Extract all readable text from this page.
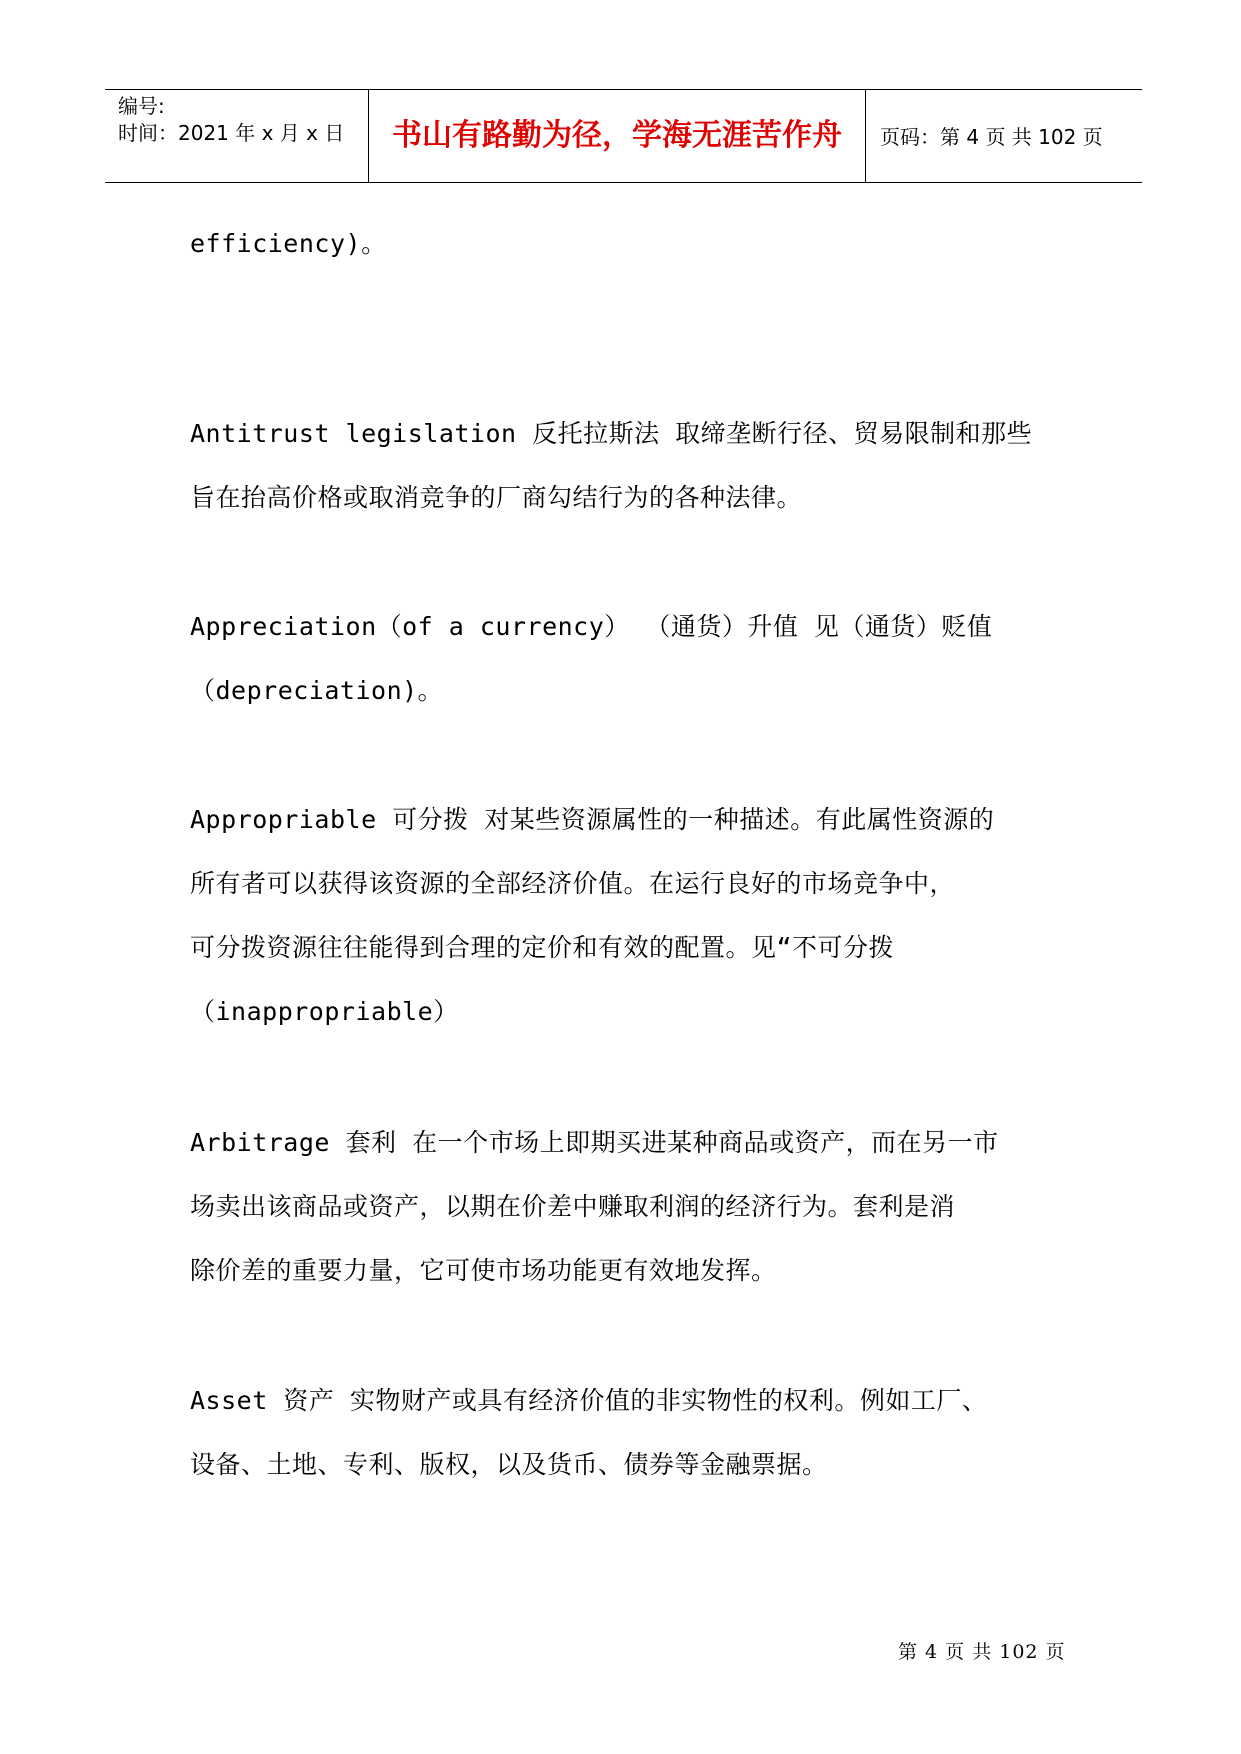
编号:
时间：2021 年 x 月 x 日	书山有路勤为径，学海无涯苦作舟	页码：第 4 页 共 102 页
efficiency)。
Antitrust legislation 反托拉斯法 取缔垄断行径、贸易限制和那些
旨在抬高价格或取消竞争的厂商勾结行为的各种法律。
Appreciation（of a currency） （通货）升值 见（通货）贬值
（depreciation)。
Appropriable 可分拨 对某些资源属性的一种描述。有此属性资源的
所有者可以获得该资源的全部经济价值。在运行良好的市场竞争中，
可分拨资源往往能得到合理的定价和有效的配置。见“不可分拨
（inappropriable）
Arbitrage 套利 在一个市场上即期买进某种商品或资产，而在另一市
场卖出该商品或资产，以期在价差中赚取利润的经济行为。套利是消
除价差的重要力量，它可使市场功能更有效地发挥。
Asset 资产 实物财产或具有经济价值的非实物性的权利。例如工厂、
设备、土地、专利、版权，以及货币、债券等金融票据。
第 4 页 共 102 页
